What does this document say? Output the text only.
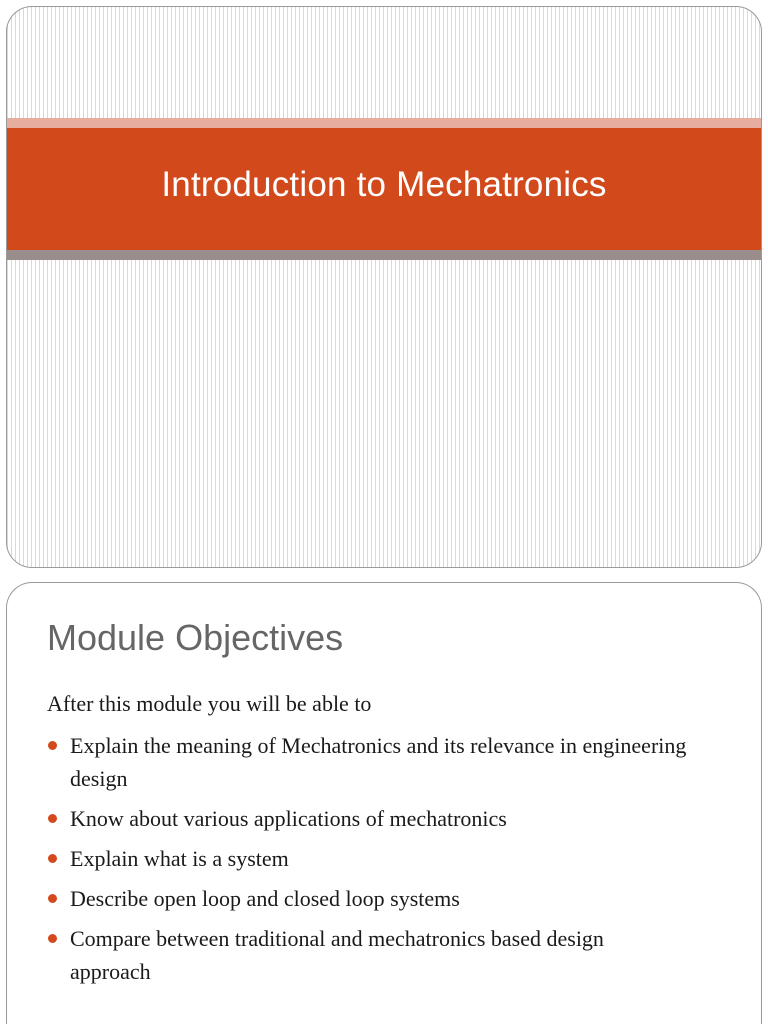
Introduction to Mechatronics
Module Objectives

After this module you will be able to

Explain the meaning of Mechatronics and its relevance in engineering design
Know about various applications of mechatronics
Explain what is a system
Describe open loop and closed loop systems
Compare between traditional and mechatronics based design approach
